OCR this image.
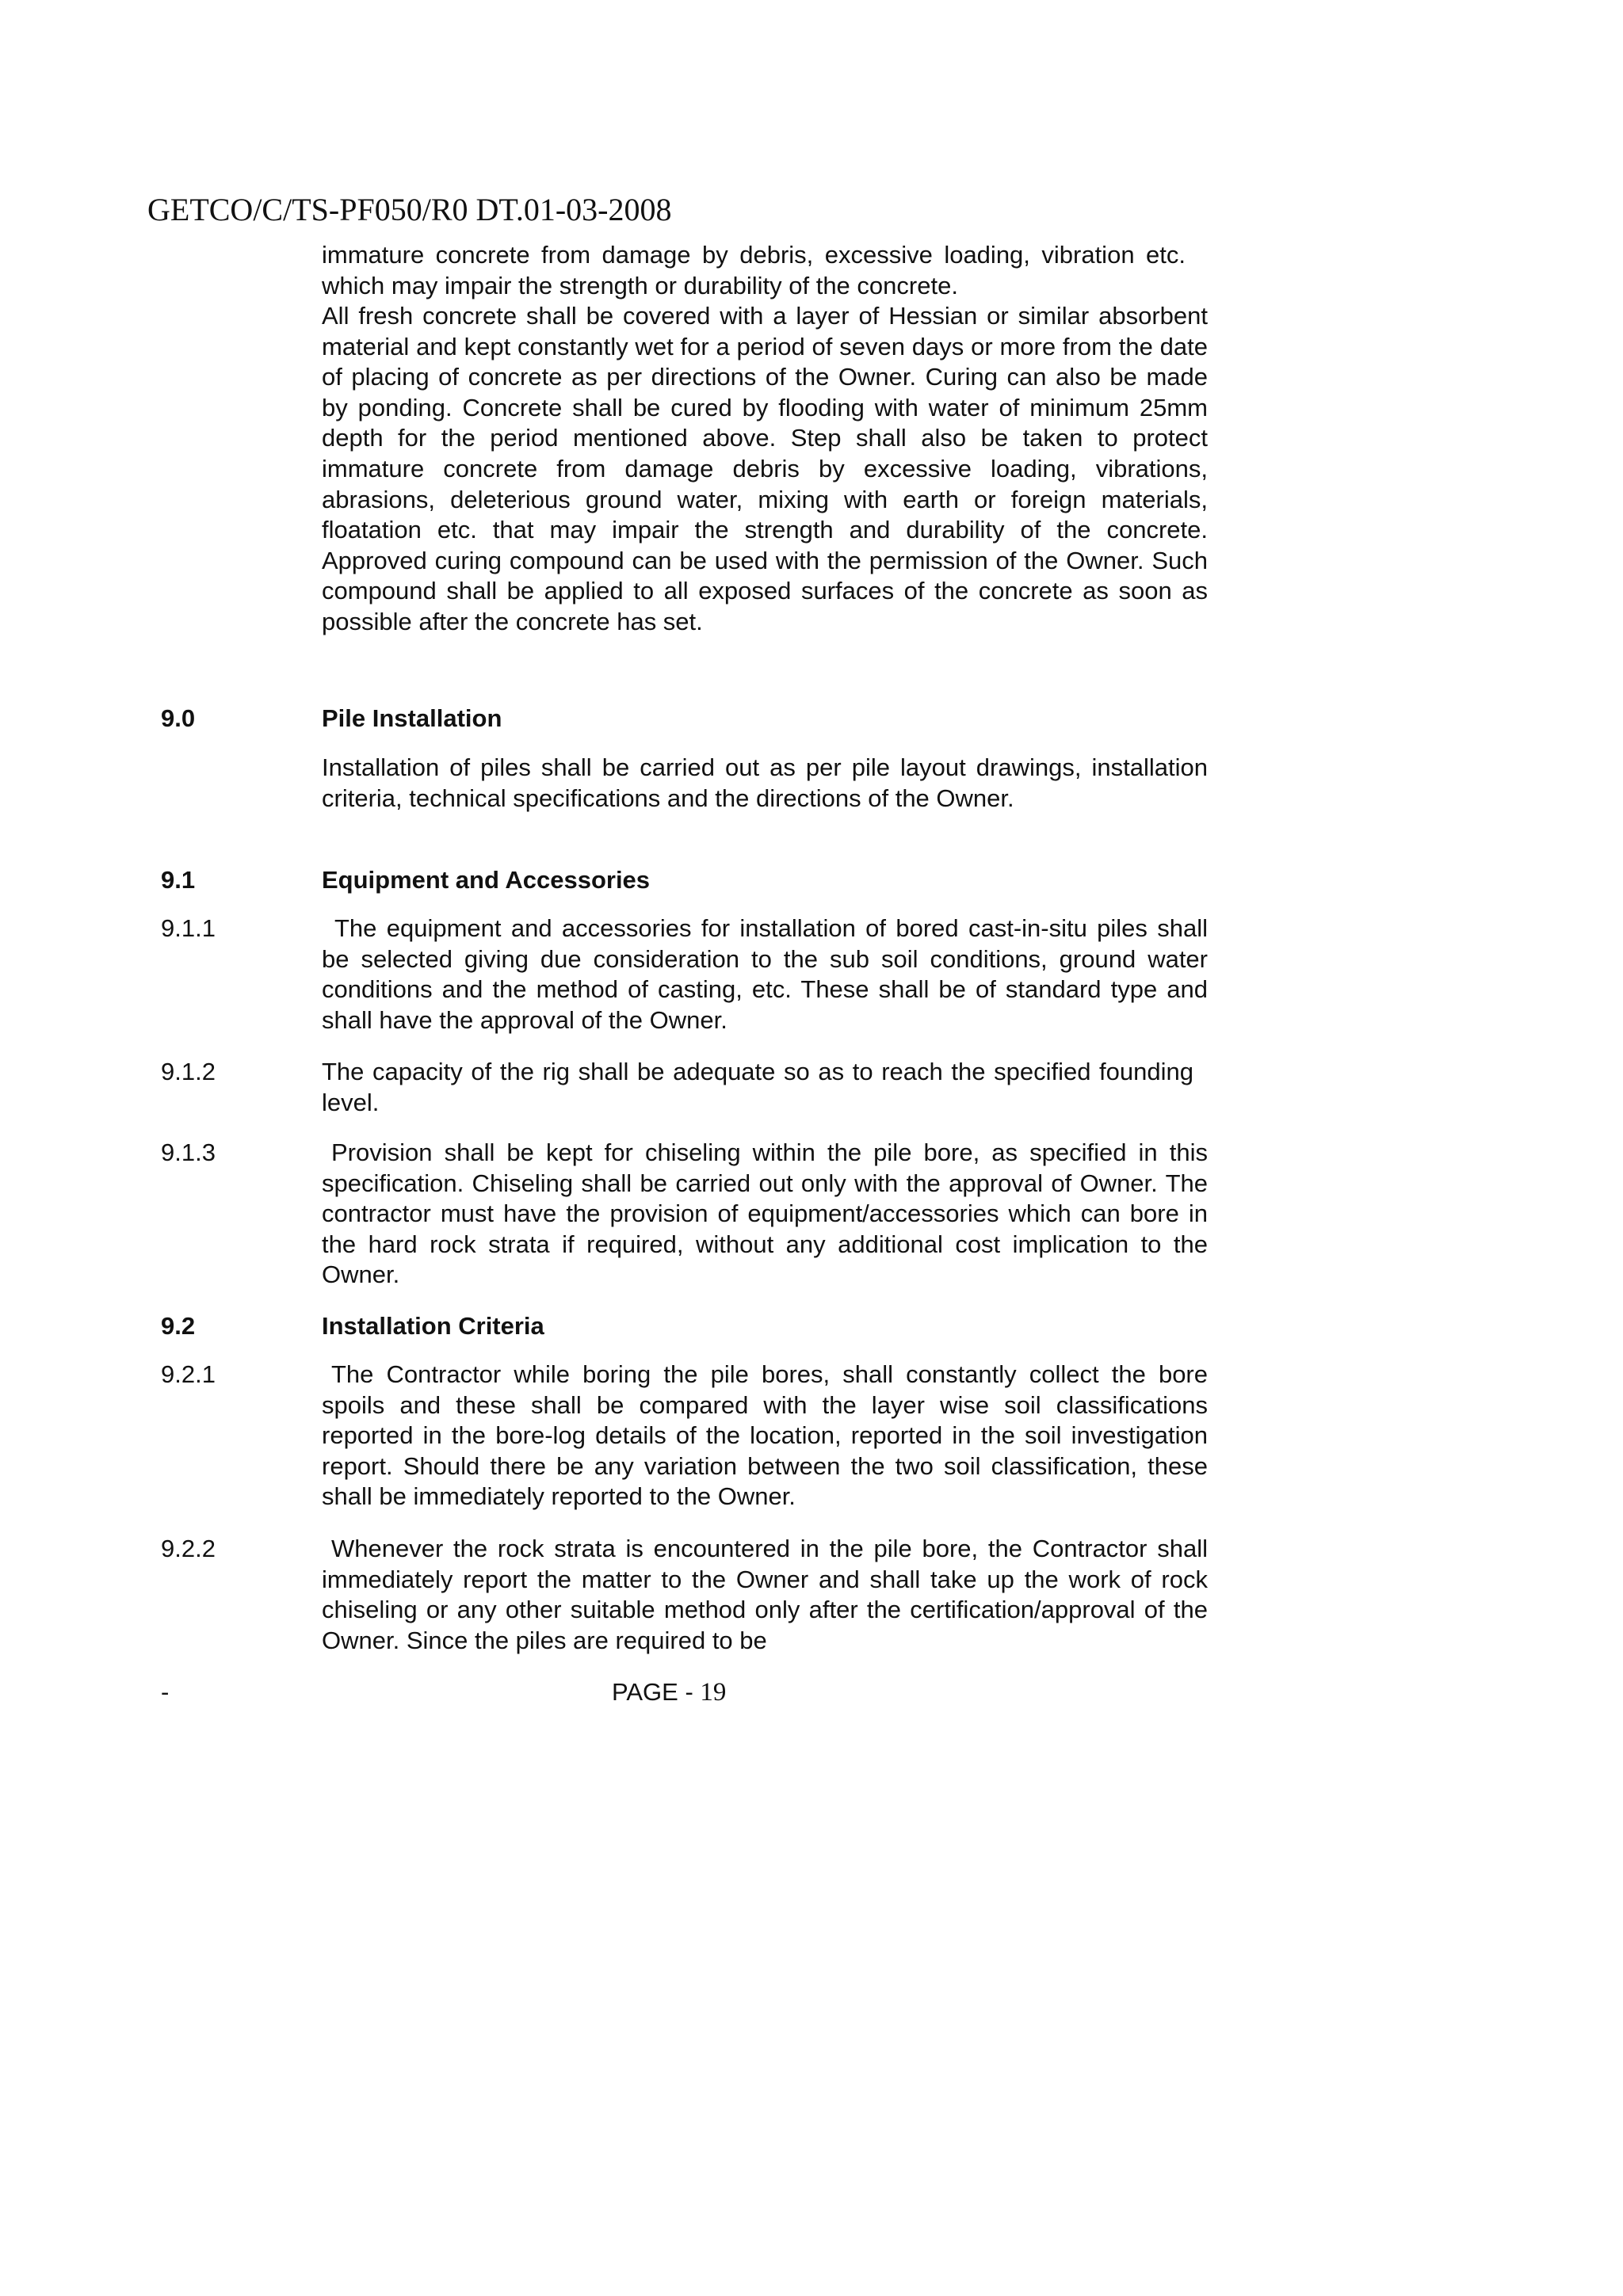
GETCO/C/TS-PF050/R0 DT.01-03-2008

immature concrete from damage by debris, excessive loading, vibration etc. which may impair the strength or durability of the concrete.

All fresh concrete shall be covered with a layer of Hessian or similar absorbent material and kept constantly wet for a period of seven days or more from the date of placing of concrete as per directions of the Owner. Curing can also be made by ponding. Concrete shall be cured by flooding with water of minimum 25mm depth for the period mentioned above. Step shall also be taken to protect immature concrete from damage debris by excessive loading, vibrations, abrasions, deleterious ground water, mixing with earth or foreign materials, floatation etc. that may impair the strength and durability of the concrete. Approved curing compound can be used with the permission of the Owner. Such compound shall be applied to all exposed surfaces of the concrete as soon as possible after the concrete has set.

9.0	Pile Installation

Installation of piles shall be carried out as per pile layout drawings, installation criteria, technical specifications and the directions of the Owner.

9.1	Equipment and Accessories
9.1.1	The equipment and accessories for installation of bored cast-in-situ piles shall be selected giving due consideration to the sub soil conditions, ground water conditions and the method of casting, etc. These shall be of standard type and shall have the approval of the Owner.

9.1.2	The capacity of the rig shall be adequate so as to reach the specified founding level.

9.1.3	Provision shall be kept for chiseling within the pile bore, as specified in this specification. Chiseling shall be carried out only with the approval of Owner. The contractor must have the provision of equipment/accessories which can bore in the hard rock strata if required, without any additional cost implication to the Owner.

9.2	Installation Criteria
9.2.1	The Contractor while boring the pile bores, shall constantly collect the bore spoils and these shall be compared with the layer wise soil classifications reported in the bore-log details of the location, reported in the soil investigation report. Should there be any variation between the two soil classification, these shall be immediately reported to the Owner.

9.2.2	Whenever the rock strata is encountered in the pile bore, the Contractor shall immediately report the matter to the Owner and shall take up the work of rock chiseling or any other suitable method only after the certification/approval of the Owner. Since the piles are required to be

-	PAGE - 19
